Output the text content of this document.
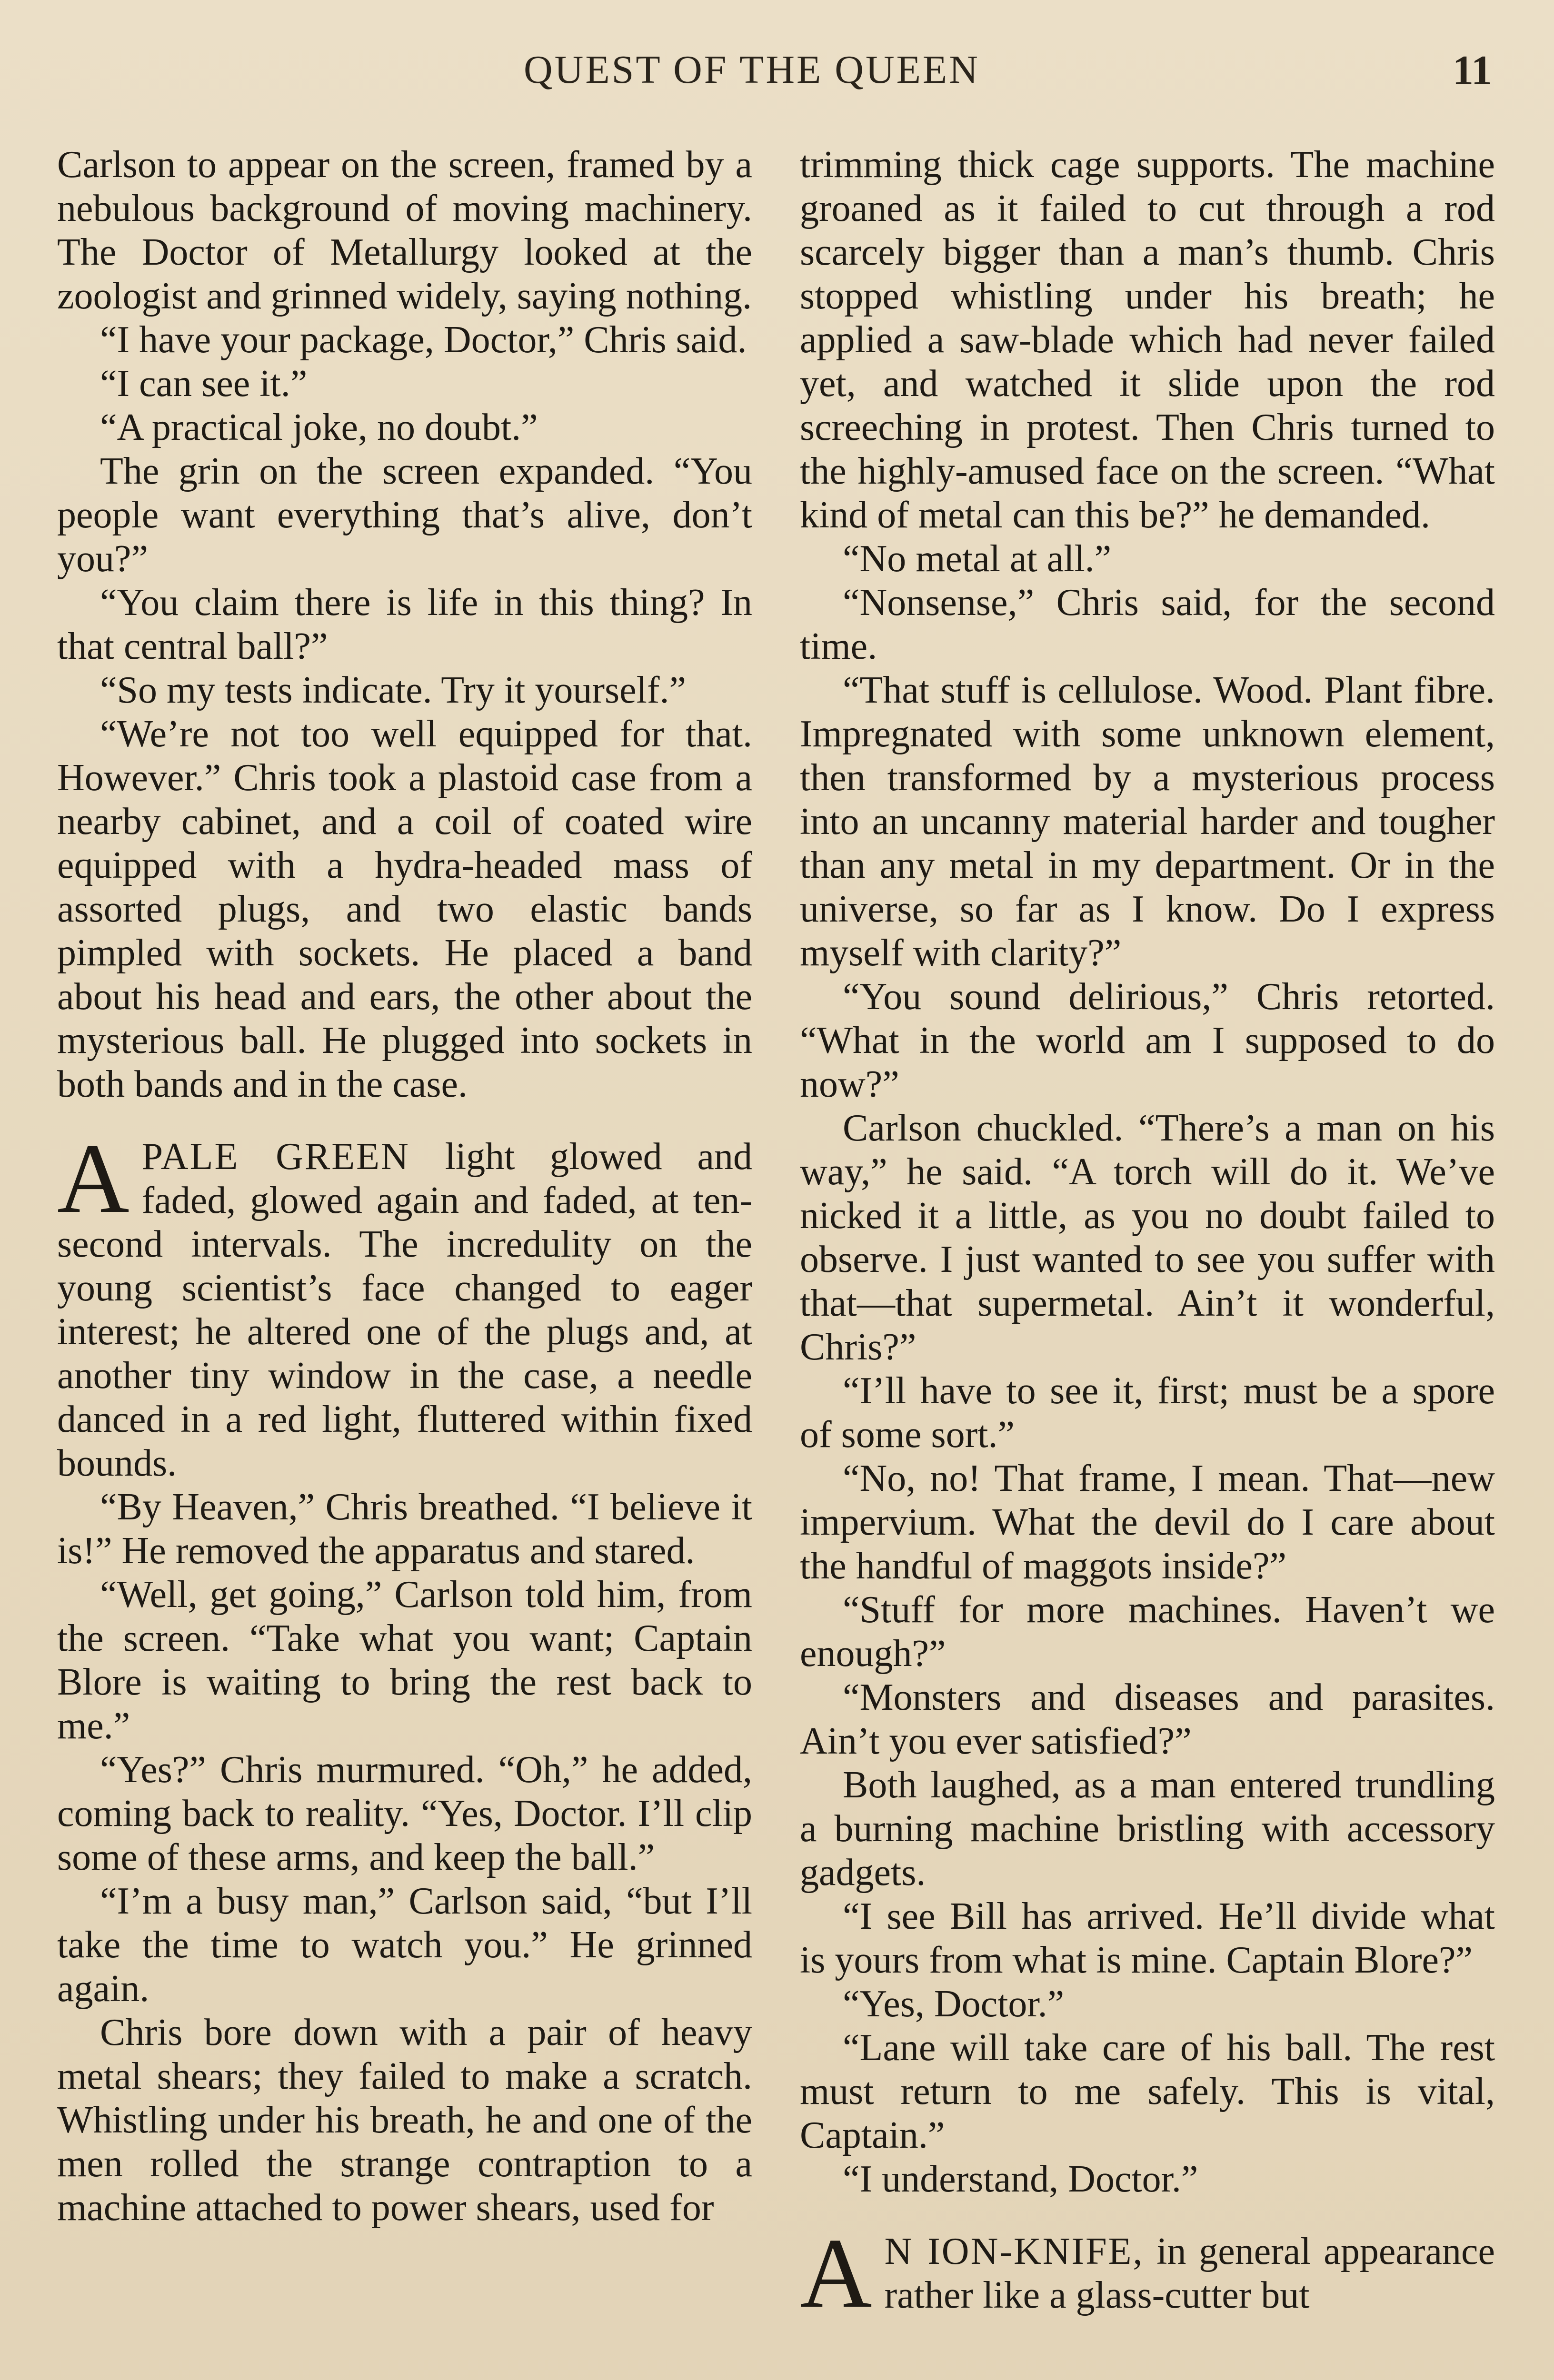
QUEST OF THE QUEEN	11

Carlson to appear on the screen, framed by a nebulous background of moving machinery. The Doctor of Metallurgy looked at the zoologist and grinned widely, saying nothing.

“I have your package, Doctor,” Chris said.

“I can see it.”

“A practical joke, no doubt.”

The grin on the screen expanded. “You people want everything that’s alive, don’t you?”

“You claim there is life in this thing? In that central ball?”

“So my tests indicate. Try it yourself.”

“We’re not too well equipped for that. However.” Chris took a plastoid case from a nearby cabinet, and a coil of coated wire equipped with a hydra-headed mass of assorted plugs, and two elastic bands pimpled with sockets. He placed a band about his head and ears, the other about the mysterious ball. He plugged into sockets in both bands and in the case.

APALE GREEN light glowed and faded, glowed again and faded, at ten-second intervals. The incredulity on the young scientist’s face changed to eager interest; he altered one of the plugs and, at another tiny window in the case, a needle danced in a red light, fluttered within fixed bounds.

“By Heaven,” Chris breathed. “I believe it is!” He removed the apparatus and stared.

“Well, get going,” Carlson told him, from the screen. “Take what you want; Captain Blore is waiting to bring the rest back to me.”

“Yes?” Chris murmured. “Oh,” he added, coming back to reality. “Yes, Doctor. I’ll clip some of these arms, and keep the ball.”

“I’m a busy man,” Carlson said, “but I’ll take the time to watch you.” He grinned again.

Chris bore down with a pair of heavy metal shears; they failed to make a scratch. Whistling under his breath, he and one of the men rolled the strange contraption to a machine attached to power shears, used for

trimming thick cage supports. The machine groaned as it failed to cut through a rod scarcely bigger than a man’s thumb. Chris stopped whistling under his breath; he applied a saw-blade which had never failed yet, and watched it slide upon the rod screeching in protest. Then Chris turned to the highly-amused face on the screen. “What kind of metal can this be?” he demanded.

“No metal at all.”

“Nonsense,” Chris said, for the second time.

“That stuff is cellulose. Wood. Plant fibre. Impregnated with some unknown element, then transformed by a mysterious process into an uncanny material harder and tougher than any metal in my department. Or in the universe, so far as I know. Do I express myself with clarity?”

“You sound delirious,” Chris retorted. “What in the world am I supposed to do now?”

Carlson chuckled. “There’s a man on his way,” he said. “A torch will do it. We’ve nicked it a little, as you no doubt failed to observe. I just wanted to see you suffer with that—that supermetal. Ain’t it wonderful, Chris?”

“I’ll have to see it, first; must be a spore of some sort.”

“No, no! That frame, I mean. That—new impervium. What the devil do I care about the handful of maggots inside?”

“Stuff for more machines. Haven’t we enough?”

“Monsters and diseases and parasites. Ain’t you ever satisfied?”

Both laughed, as a man entered trundling a burning machine bristling with accessory gadgets.

“I see Bill has arrived. He’ll divide what is yours from what is mine. Captain Blore?”

“Yes, Doctor.”

“Lane will take care of his ball. The rest must return to me safely. This is vital, Captain.”

“I understand, Doctor.”

A N ION-KNIFE, in general appearance rather like a glass-cutter but
